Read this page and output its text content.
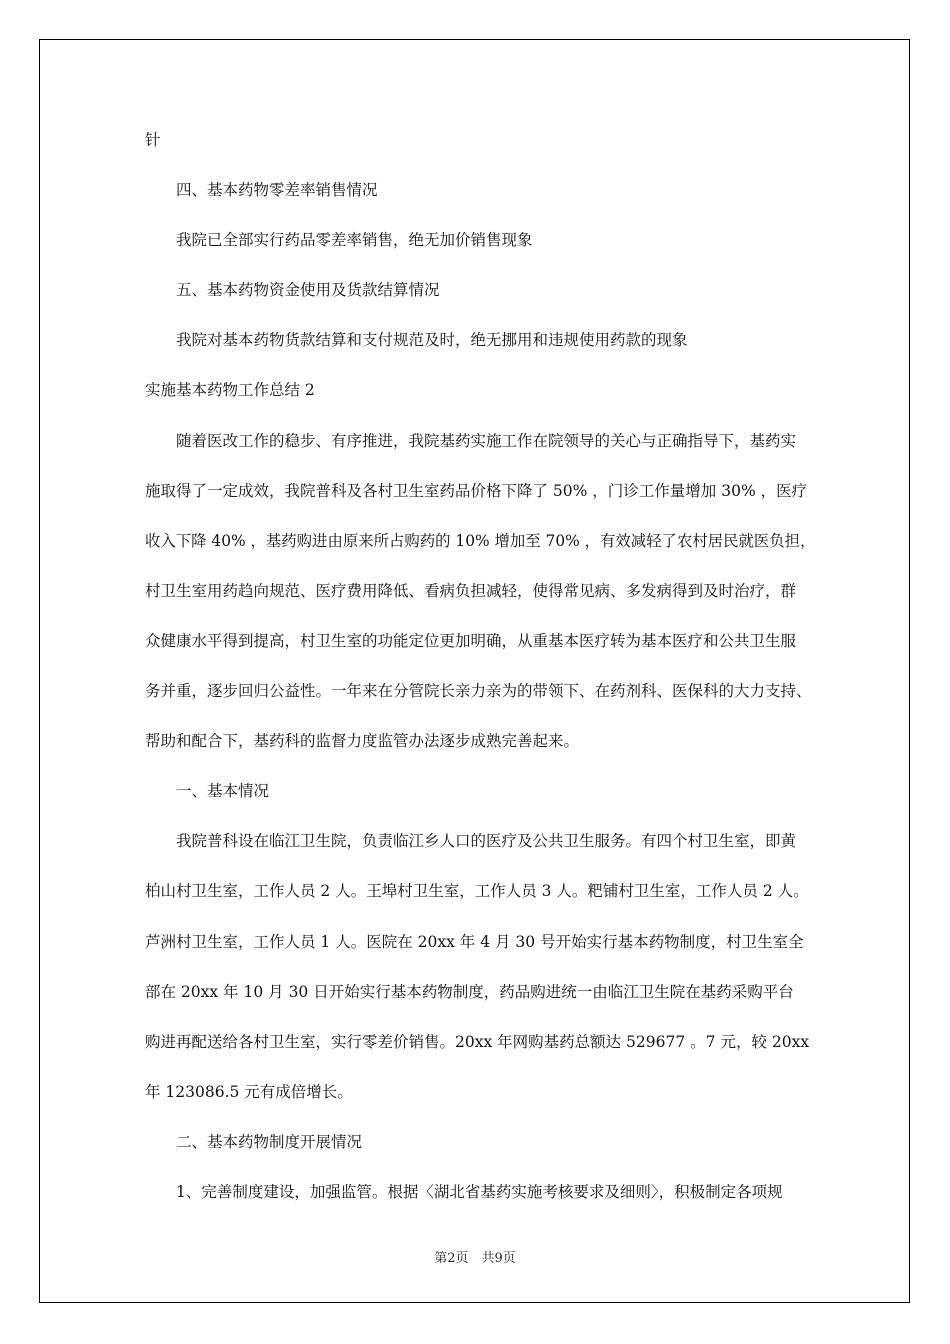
针
四、基本药物零差率销售情况
我院已全部实行药品零差率销售，绝无加价销售现象
五、基本药物资金使用及货款结算情况
我院对基本药物货款结算和支付规范及时，绝无挪用和违规使用药款的现象
实施基本药物工作总结 2
随着医改工作的稳步、有序推进，我院基药实施工作在院领导的关心与正确指导下，基药实
施取得了一定成效，我院普科及各村卫生室药品价格下降了 50% ，门诊工作量增加 30% ，医疗
收入下降 40% ，基药购进由原来所占购药的 10% 增加至 70% ，有效减轻了农村居民就医负担，
村卫生室用药趋向规范、医疗费用降低、看病负担减轻，使得常见病、多发病得到及时治疗，群
众健康水平得到提高，村卫生室的功能定位更加明确，从重基本医疗转为基本医疗和公共卫生服
务并重，逐步回归公益性。一年来在分管院长亲力亲为的带领下、在药剂科、医保科的大力支持、
帮助和配合下，基药科的监督力度监管办法逐步成熟完善起来。
一、基本情况
我院普科设在临江卫生院，负责临江乡人口的医疗及公共卫生服务。有四个村卫生室，即黄
柏山村卫生室，工作人员 2 人。王埠村卫生室，工作人员 3 人。粑铺村卫生室，工作人员 2 人。
芦洲村卫生室，工作人员 1 人。医院在 20xx 年 4 月 30 号开始实行基本药物制度，村卫生室全
部在 20xx 年 10 月 30 日开始实行基本药物制度，药品购进统一由临江卫生院在基药采购平台
购进再配送给各村卫生室，实行零差价销售。20xx 年网购基药总额达 529677 。7 元，较 20xx
年 123086.5 元有成倍增长。
二、基本药物制度开展情况
1、完善制度建设，加强监管。根据〈湖北省基药实施考核要求及细则〉，积极制定各项规
第2页　共9页
